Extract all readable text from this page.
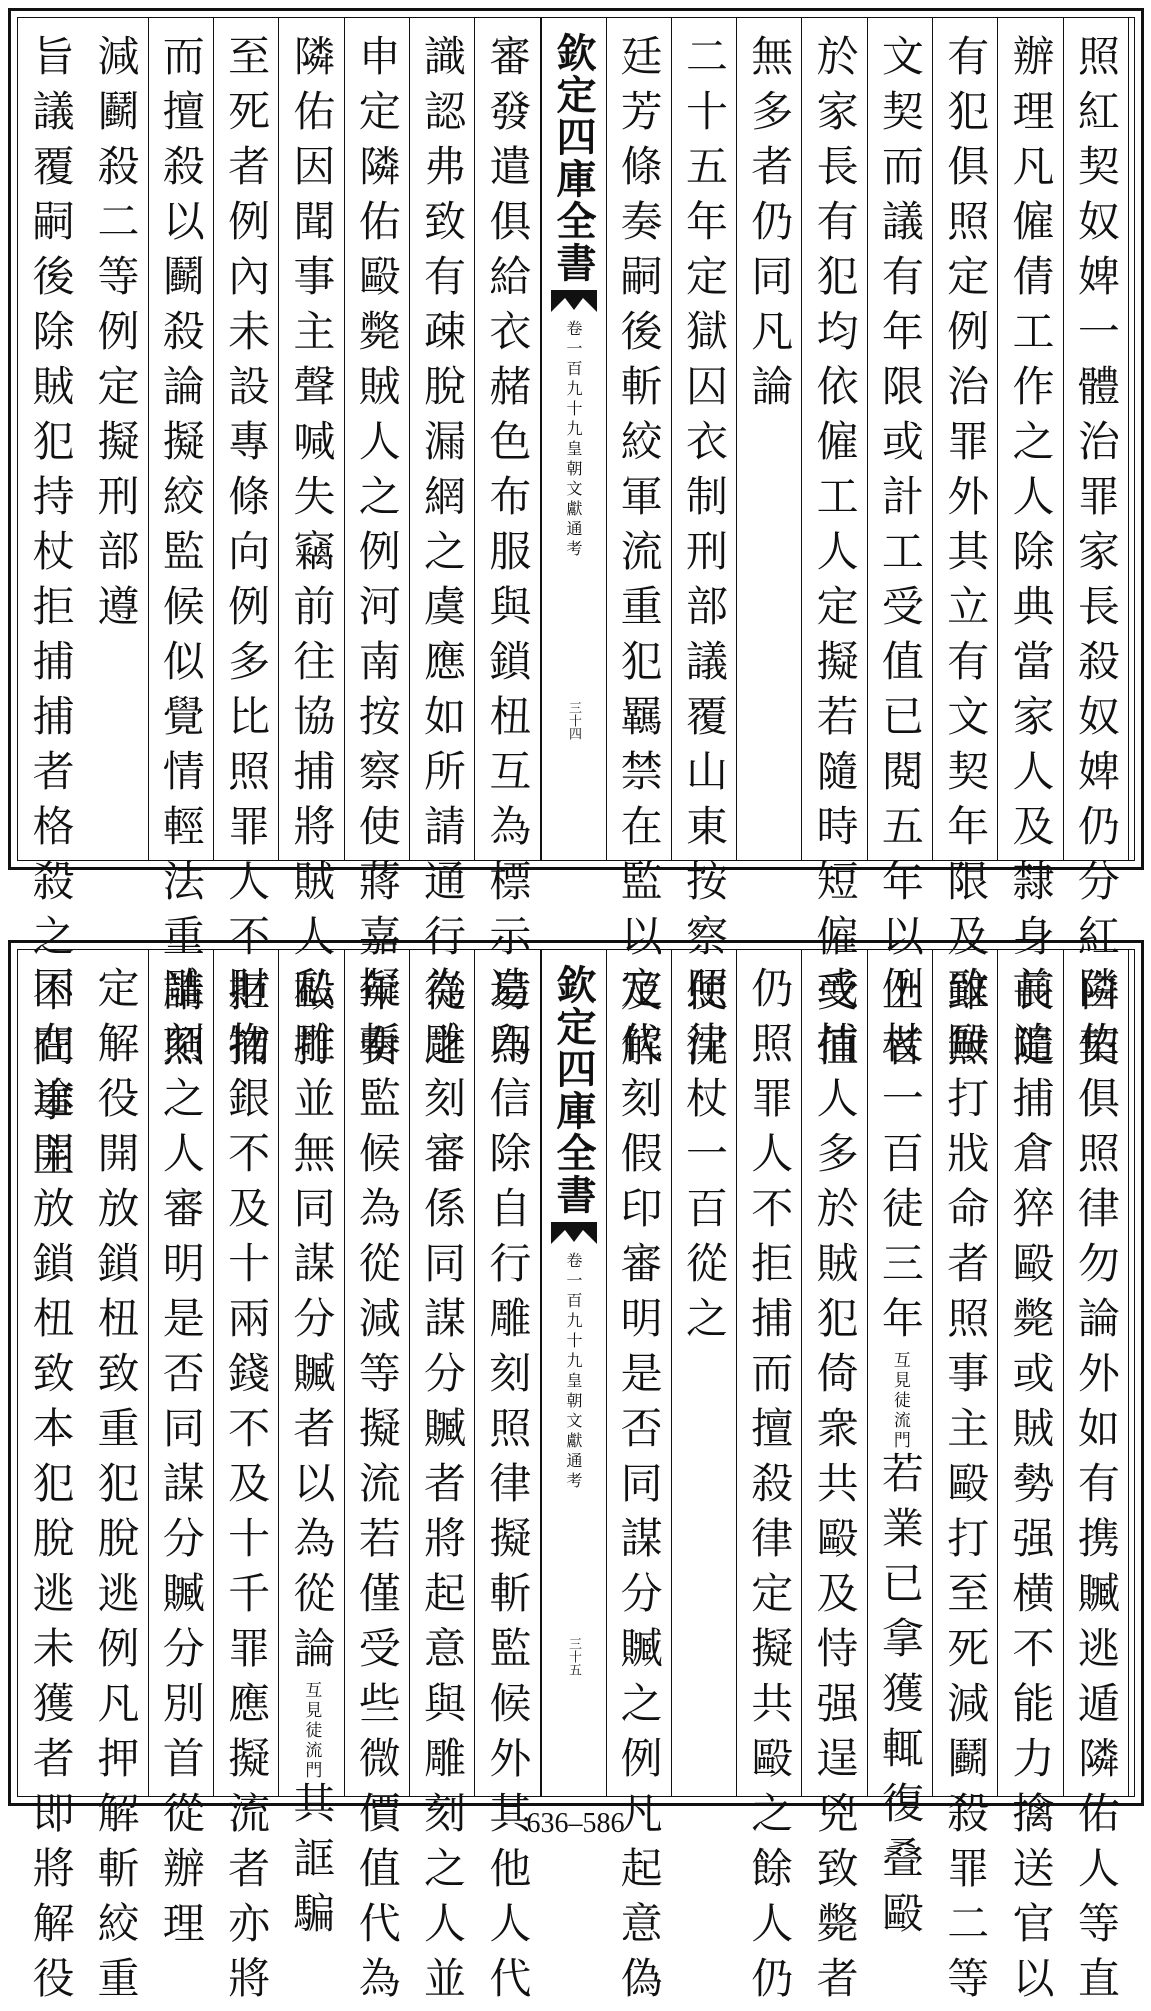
照紅契奴婢一體治罪家長殺奴婢仍分紅白契
辦理凡僱倩工作之人除典當家人及隸身長隨
有犯俱照定例治罪外其立有文契年限及雖無
文契而議有年限或計工受值已閱五年以上者
於家長有犯均依僱工人定擬若隨時短僱受值
無多者仍同凡論
二十五年定獄囚衣制刑部議覆山東按察使沈
廷芳條奏嗣後斬絞軍流重犯羈禁在監以及解
欽定四庫全書
卷一百九十九
皇朝文獻通考
三十四
審發遣俱給衣赭色布服與鎖杻互為標示易為
識認弗致有疎脫漏網之虞應如所請通行從之
申定隣佑毆斃賊人之例河南按察使蔣嘉年奏
隣佑因聞事主聲喊失竊前往協捕將賊人毆打
至死者例內未設專條向例多比照罪人不拒捕
而擅殺以鬬殺論擬絞監候似覺情輕法重請照
減鬬殺二等例定擬刑部遵
旨議覆嗣後除賊犯持杖拒捕捕者格殺之不問事主
隣佑俱照律勿論外如有携贓逃遁隣佑人等直
前追捕倉猝毆斃或賊勢强横不能力擒送官以
致毆打戕命者照事主毆打至死減鬬殺罪二等
例杖一百徒三年互見徒流門若業已拿獲輒復叠毆
或捕人多於賊犯倚衆共毆及恃强逞兇致斃者
仍照罪人不拒捕而擅殺律定擬共毆之餘人仍
照律杖一百從之
定代刻假印審明是否同謀分贓之例凡起意偽
欽定四庫全書
卷一百九十九
皇朝文獻通考
三十五
造印信除自行雕刻照律擬斬監候外其他人代
為雕刻審係同謀分贓者將起意與雕刻之人並
擬斬監候為從減等擬流若僅受些微價值代為
私雕並無同謀分贓者以為從論互見徒流門其誆騙
財物銀不及十兩錢不及十千罪應擬流者亦將
雕刻之人審明是否同謀分贓分別首從辦理
定解役開放鎖杻致重犯脫逃例凡押解斬絞重
因在途開放鎖杻致本犯脫逃未獲者即將解役	636–586
